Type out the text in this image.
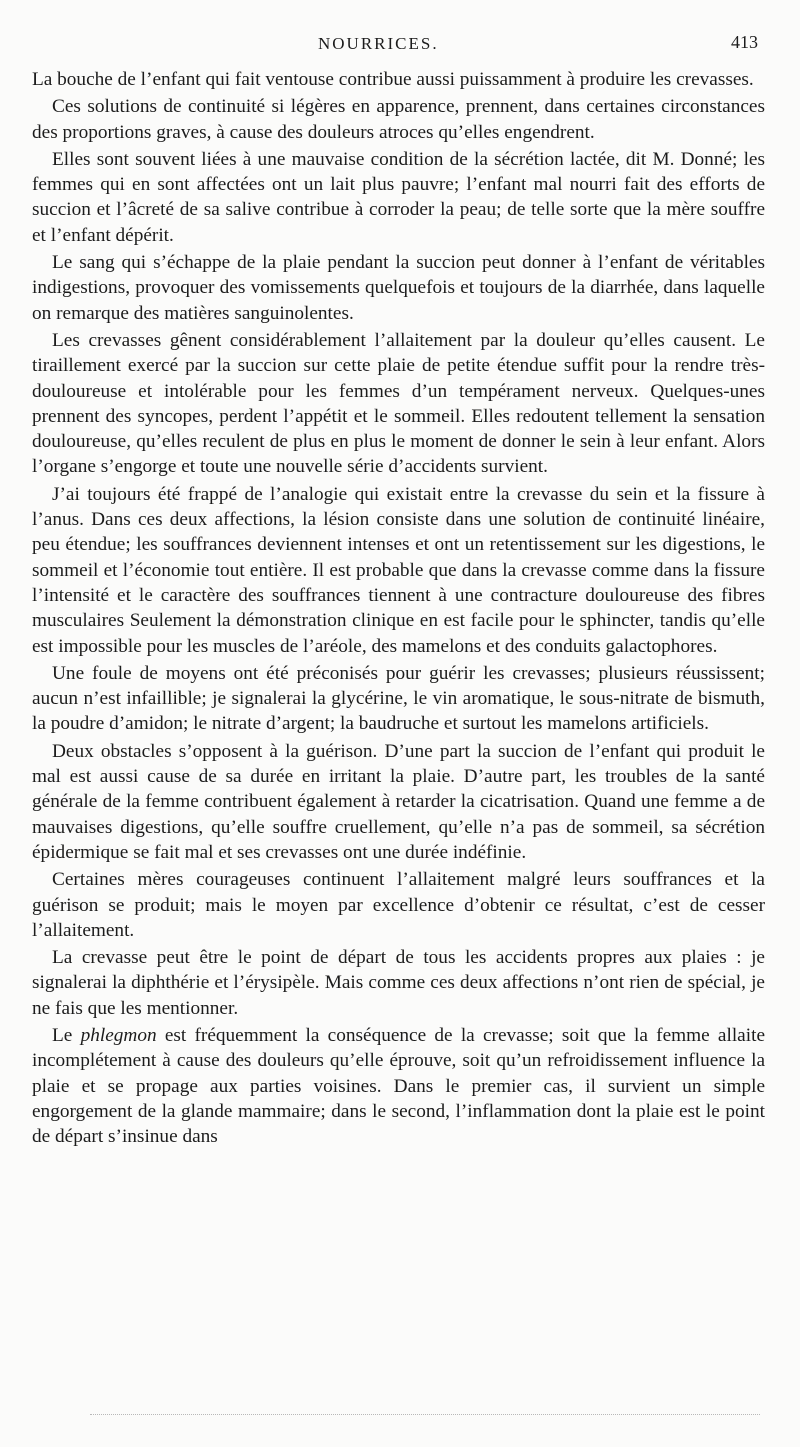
NOURRICES.	413

La bouche de l’enfant qui fait ventouse contribue aussi puissamment à produire les crevasses.

Ces solutions de continuité si légères en apparence, prennent, dans certaines circonstances des proportions graves, à cause des douleurs atroces qu’elles engendrent.

Elles sont souvent liées à une mauvaise condition de la sécrétion lactée, dit M. Donné; les femmes qui en sont affectées ont un lait plus pauvre; l’enfant mal nourri fait des efforts de succion et l’âcreté de sa salive contribue à corroder la peau; de telle sorte que la mère souffre et l’enfant dépérit.

Le sang qui s’échappe de la plaie pendant la succion peut donner à l’enfant de véritables indigestions, provoquer des vomissements quelquefois et toujours de la diarrhée, dans laquelle on remarque des matières sanguinolentes.

Les crevasses gênent considérablement l’allaitement par la douleur qu’elles causent. Le tiraillement exercé par la succion sur cette plaie de petite étendue suffit pour la rendre très-douloureuse et intolérable pour les femmes d’un tempérament nerveux. Quelques-unes prennent des syncopes, perdent l’appétit et le sommeil. Elles redoutent tellement la sensation douloureuse, qu’elles reculent de plus en plus le moment de donner le sein à leur enfant. Alors l’organe s’engorge et toute une nouvelle série d’accidents survient.

J’ai toujours été frappé de l’analogie qui existait entre la crevasse du sein et la fissure à l’anus. Dans ces deux affections, la lésion consiste dans une solution de continuité linéaire, peu étendue; les souffrances deviennent intenses et ont un retentissement sur les digestions, le sommeil et l’économie tout entière. Il est probable que dans la crevasse comme dans la fissure l’intensité et le caractère des souffrances tiennent à une contracture douloureuse des fibres musculaires Seulement la démonstration clinique en est facile pour le sphincter, tandis qu’elle est impossible pour les muscles de l’aréole, des mamelons et des conduits galactophores.

Une foule de moyens ont été préconisés pour guérir les crevasses; plusieurs réussissent; aucun n’est infaillible; je signalerai la glycérine, le vin aromatique, le sous-nitrate de bismuth, la poudre d’amidon; le nitrate d’argent; la baudruche et surtout les mamelons artificiels.

Deux obstacles s’opposent à la guérison. D’une part la succion de l’enfant qui produit le mal est aussi cause de sa durée en irritant la plaie. D’autre part, les troubles de la santé générale de la femme contribuent également à retarder la cicatrisation. Quand une femme a de mauvaises digestions, qu’elle souffre cruellement, qu’elle n’a pas de sommeil, sa sécrétion épidermique se fait mal et ses crevasses ont une durée indéfinie.

Certaines mères courageuses continuent l’allaitement malgré leurs souffrances et la guérison se produit; mais le moyen par excellence d’obtenir ce résultat, c’est de cesser l’allaitement.

La crevasse peut être le point de départ de tous les accidents propres aux plaies : je signalerai la diphthérie et l’érysipèle. Mais comme ces deux affections n’ont rien de spécial, je ne fais que les mentionner.

Le phlegmon est fréquemment la conséquence de la crevasse; soit que la femme allaite incomplétement à cause des douleurs qu’elle éprouve, soit qu’un refroidissement influence la plaie et se propage aux parties voisines. Dans le premier cas, il survient un simple engorgement de la glande mammaire; dans le second, l’inflammation dont la plaie est le point de départ s’insinue dans
